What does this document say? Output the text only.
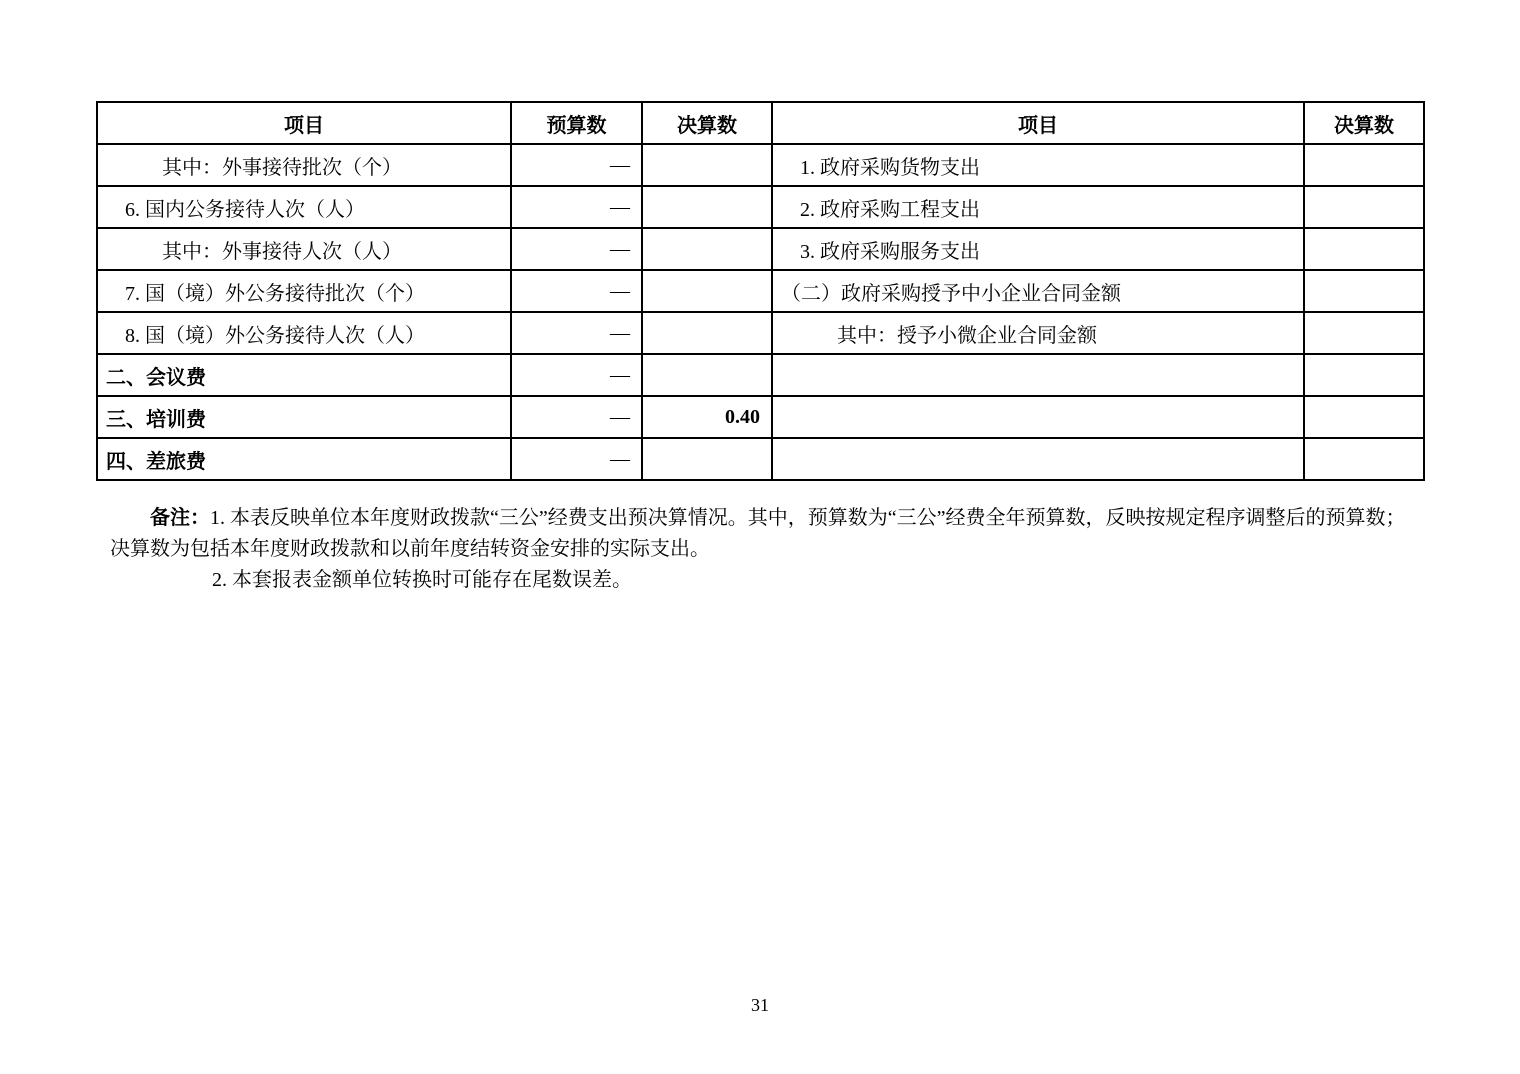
项目	预算数	决算数	项目	决算数
其中：外事接待批次（个）	—		1. 政府采购货物支出	
6. 国内公务接待人次（人）	—		2. 政府采购工程支出	
其中：外事接待人次（人）	—		3. 政府采购服务支出	
7. 国（境）外公务接待批次（个）	—		（二）政府采购授予中小企业合同金额	
8. 国（境）外公务接待人次（人）	—		其中：授予小微企业合同金额	
二、会议费	—			
三、培训费	—	0.40		
四、差旅费	—			

备注：1. 本表反映单位本年度财政拨款“三公”经费支出预决算情况。其中，预算数为“三公”经费全年预算数，反映按规定程序调整后的预算数；决算数为包括本年度财政拨款和以前年度结转资金安排的实际支出。

2. 本套报表金额单位转换时可能存在尾数误差。

31
